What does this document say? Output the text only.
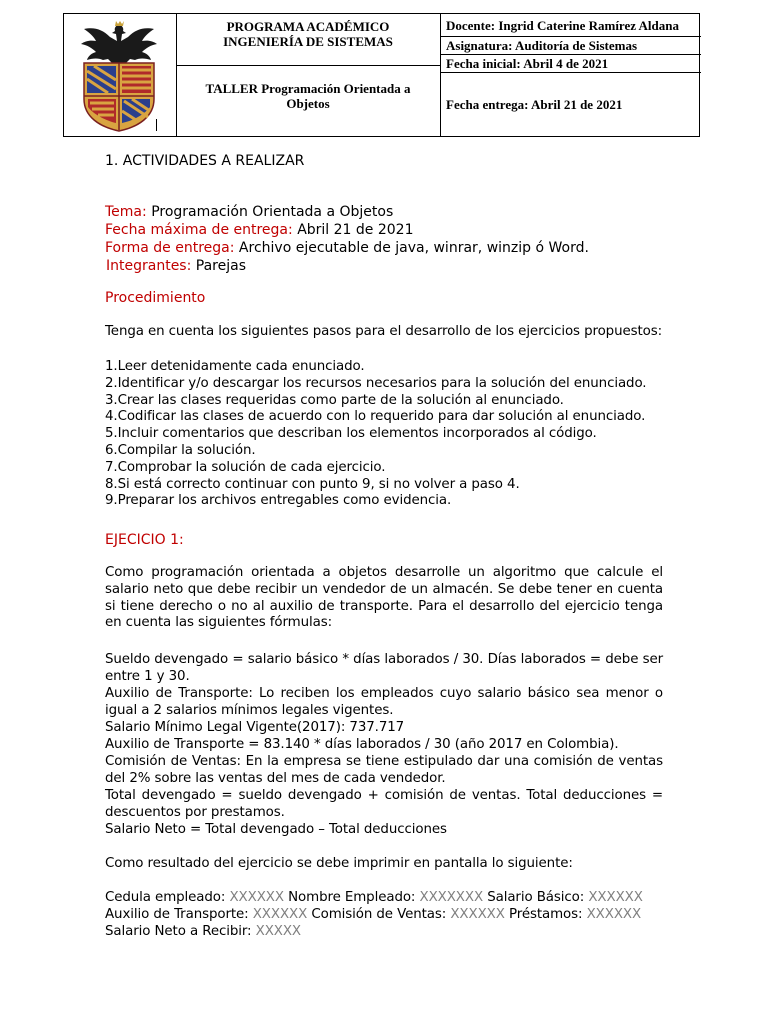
PROGRAMA ACADÉMICO
INGENIERÍA DE SISTEMAS
TALLER Programación Orientada a
Objetos
Docente: Ingrid Caterine Ramírez Aldana
Asignatura: Auditoría de Sistemas
Fecha inicial: Abril 4 de 2021
Fecha entrega: Abril 21 de 2021
1. ACTIVIDADES A REALIZAR
Tema: Programación Orientada a Objetos
Fecha máxima de entrega: Abril 21 de 2021
Forma de entrega: Archivo ejecutable de java, winrar, winzip ó Word.
Integrantes: Parejas
Procedimiento
Tenga en cuenta los siguientes pasos para el desarrollo de los ejercicios propuestos:
1.Leer detenidamente cada enunciado.
2.Identificar y/o descargar los recursos necesarios para la solución del enunciado.
3.Crear las clases requeridas como parte de la solución al enunciado.
4.Codificar las clases de acuerdo con lo requerido para dar solución al enunciado.
5.Incluir comentarios que describan los elementos incorporados al código.
6.Compilar la solución.
7.Comprobar la solución de cada ejercicio.
8.Si está correcto continuar con punto 9, si no volver a paso 4.
9.Preparar los archivos entregables como evidencia.
EJECICIO 1:
Como programación orientada a objetos desarrolle un algoritmo que calcule el salario neto que debe recibir un vendedor de un almacén. Se debe tener en cuenta si tiene derecho o no al auxilio de transporte. Para el desarrollo del ejercicio tenga en cuenta las siguientes fórmulas:
Sueldo devengado = salario básico * días laborados / 30. Días laborados = debe ser entre 1 y 30.
Auxilio de Transporte: Lo reciben los empleados cuyo salario básico sea menor o igual a 2 salarios mínimos legales vigentes.
Salario Mínimo Legal Vigente(2017): 737.717
Auxilio de Transporte = 83.140 * días laborados / 30 (año 2017 en Colombia).
Comisión de Ventas: En la empresa se tiene estipulado dar una comisión de ventas del 2% sobre las ventas del mes de cada vendedor.
Total devengado = sueldo devengado + comisión de ventas. Total deducciones = descuentos por prestamos.
Salario Neto = Total devengado – Total deducciones
Como resultado del ejercicio se debe imprimir en pantalla lo siguiente:
Cedula empleado: XXXXXX Nombre Empleado: XXXXXXX Salario Básico: XXXXXX Auxilio de Transporte: XXXXXX Comisión de Ventas: XXXXXX Préstamos: XXXXXX
Salario Neto a Recibir: XXXXX
